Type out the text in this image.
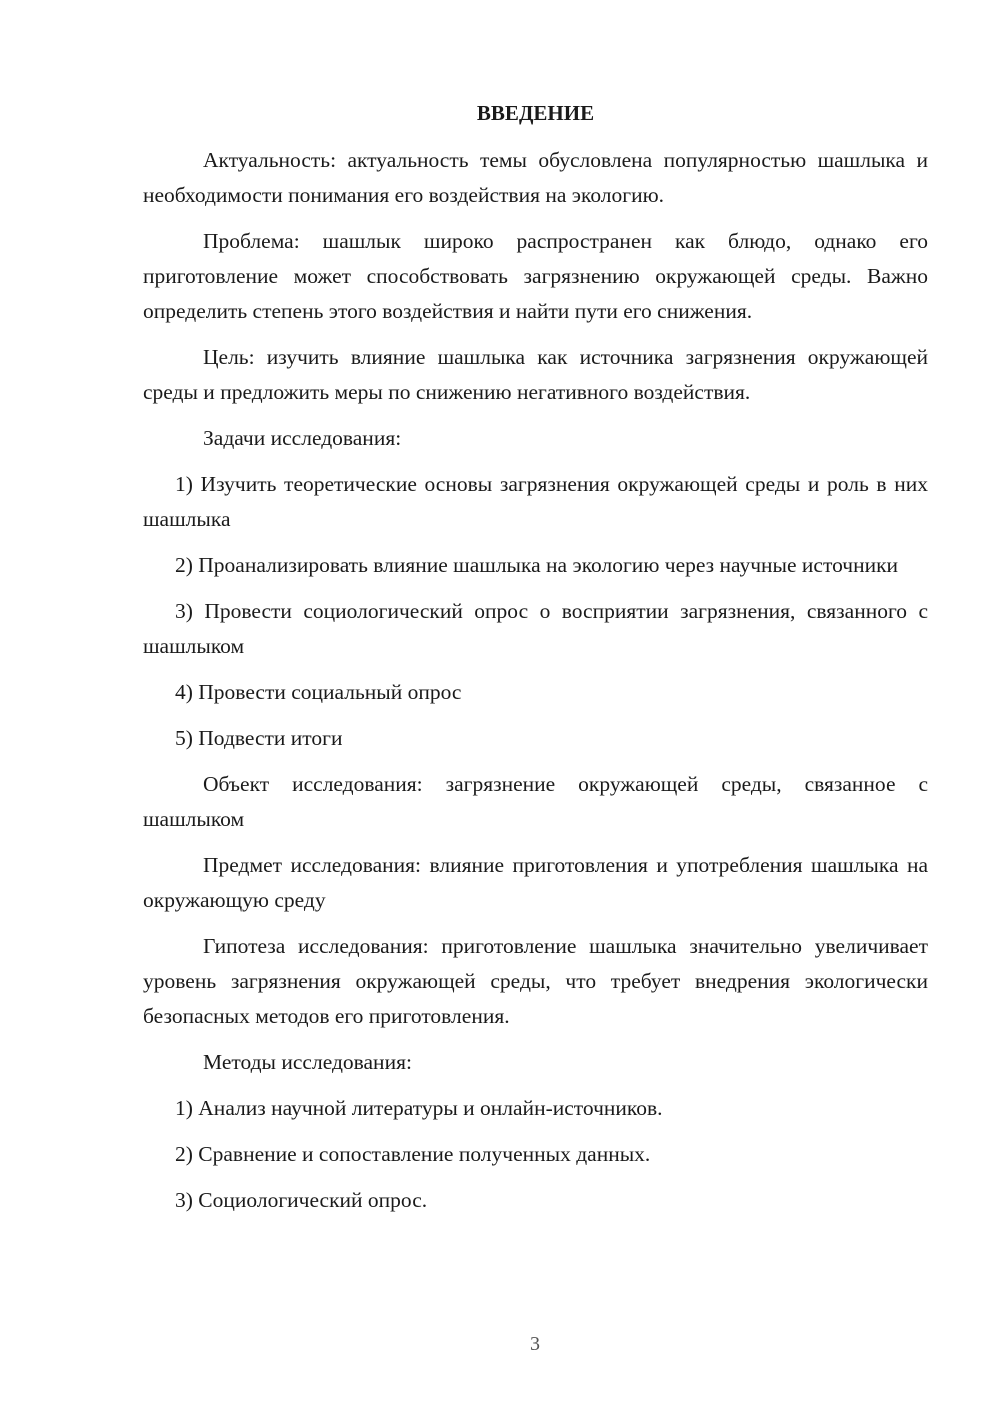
ВВЕДЕНИЕ

Актуальность: актуальность темы обусловлена популярностью шашлыка и необходимости понимания его воздействия на экологию.

Проблема: шашлык широко распространен как блюдо, однако его приготовление может способствовать загрязнению окружающей среды. Важно определить степень этого воздействия и найти пути его снижения.

Цель: изучить влияние шашлыка как источника загрязнения окружающей среды и предложить меры по снижению негативного воздействия.

Задачи исследования:

1) Изучить теоретические основы загрязнения окружающей среды и роль в них шашлыка

2) Проанализировать влияние шашлыка на экологию через научные источники

3) Провести социологический опрос о восприятии загрязнения, связанного с шашлыком

4) Провести социальный опрос

5) Подвести итоги

Объект исследования: загрязнение окружающей среды, связанное с шашлыком

Предмет исследования: влияние приготовления и употребления шашлыка на окружающую среду

Гипотеза исследования: приготовление шашлыка значительно увеличивает уровень загрязнения окружающей среды, что требует внедрения экологически безопасных методов его приготовления.

Методы исследования:

1) Анализ научной литературы и онлайн-источников.

2) Сравнение и сопоставление полученных данных.

3) Социологический опрос.

3
